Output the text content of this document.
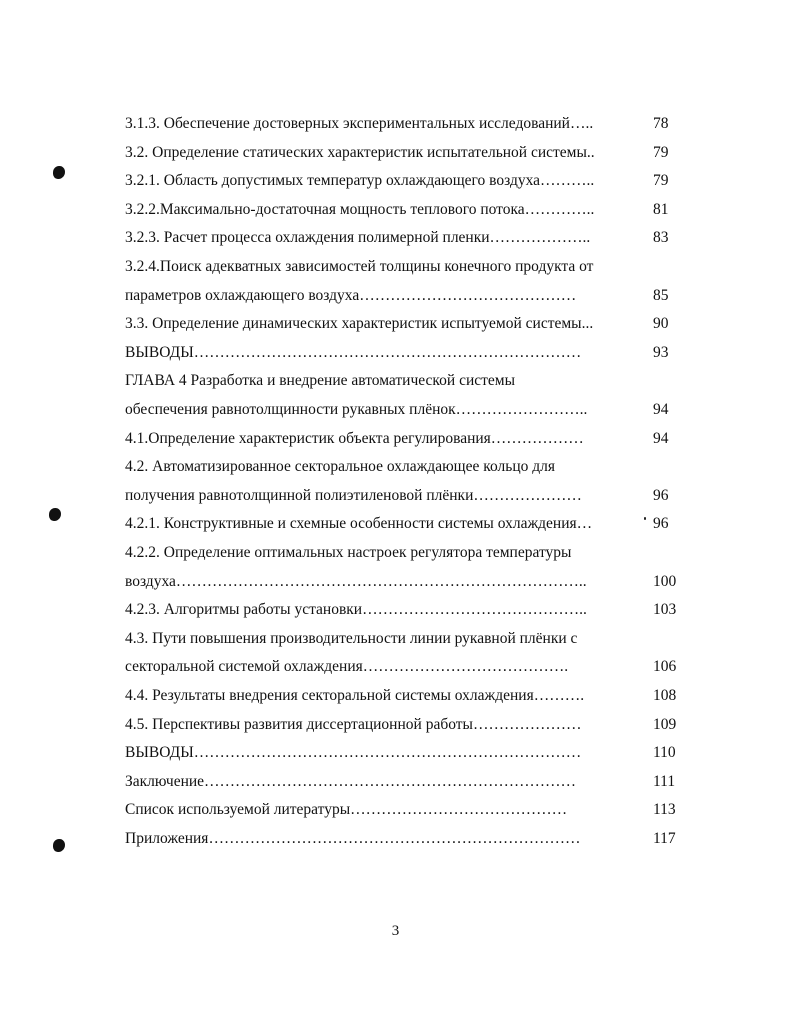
3.1.3. Обеспечение достоверных экспериментальных исследований…..	78
3.2. Определение статических характеристик испытательной системы..	79
3.2.1. Область допустимых температур охлаждающего воздуха………..	79
3.2.2.Максимально-достаточная мощность теплового потока…………..	81
3.2.3. Расчет процесса охлаждения полимерной пленки………………..	83
3.2.4.Поиск адекватных зависимостей толщины конечного продукта от
параметров охлаждающего воздуха……………………………………	85
3.3. Определение динамических характеристик испытуемой системы...	90
ВЫВОДЫ…………………………………………………………………	93
ГЛАВА 4 Разработка и внедрение автоматической системы
обеспечения равнотолщинности рукавных плёнок……………………..	94
4.1.Определение характеристик объекта регулирования………………	94
4.2. Автоматизированное секторальное охлаждающее кольцо для
получения равнотолщинной полиэтиленовой плёнки…………………	96
4.2.1. Конструктивные и схемные особенности системы охлаждения…	96
4.2.2. Определение оптимальных настроек регулятора температуры
воздуха……………………………………………………………………..	100
4.2.3. Алгоритмы работы установки……………………………………..	103
4.3. Пути повышения производительности линии рукавной плёнки с
секторальной системой охлаждения………………………………….	106
4.4. Результаты внедрения секторальной системы охлаждения……….	108
4.5. Перспективы развития диссертационной работы…………………	109
ВЫВОДЫ…………………………………………………………………	110
Заключение………………………………………………………………	111
Список используемой литературы……………………………………	113
Приложения………………………………………………………………	117
3
